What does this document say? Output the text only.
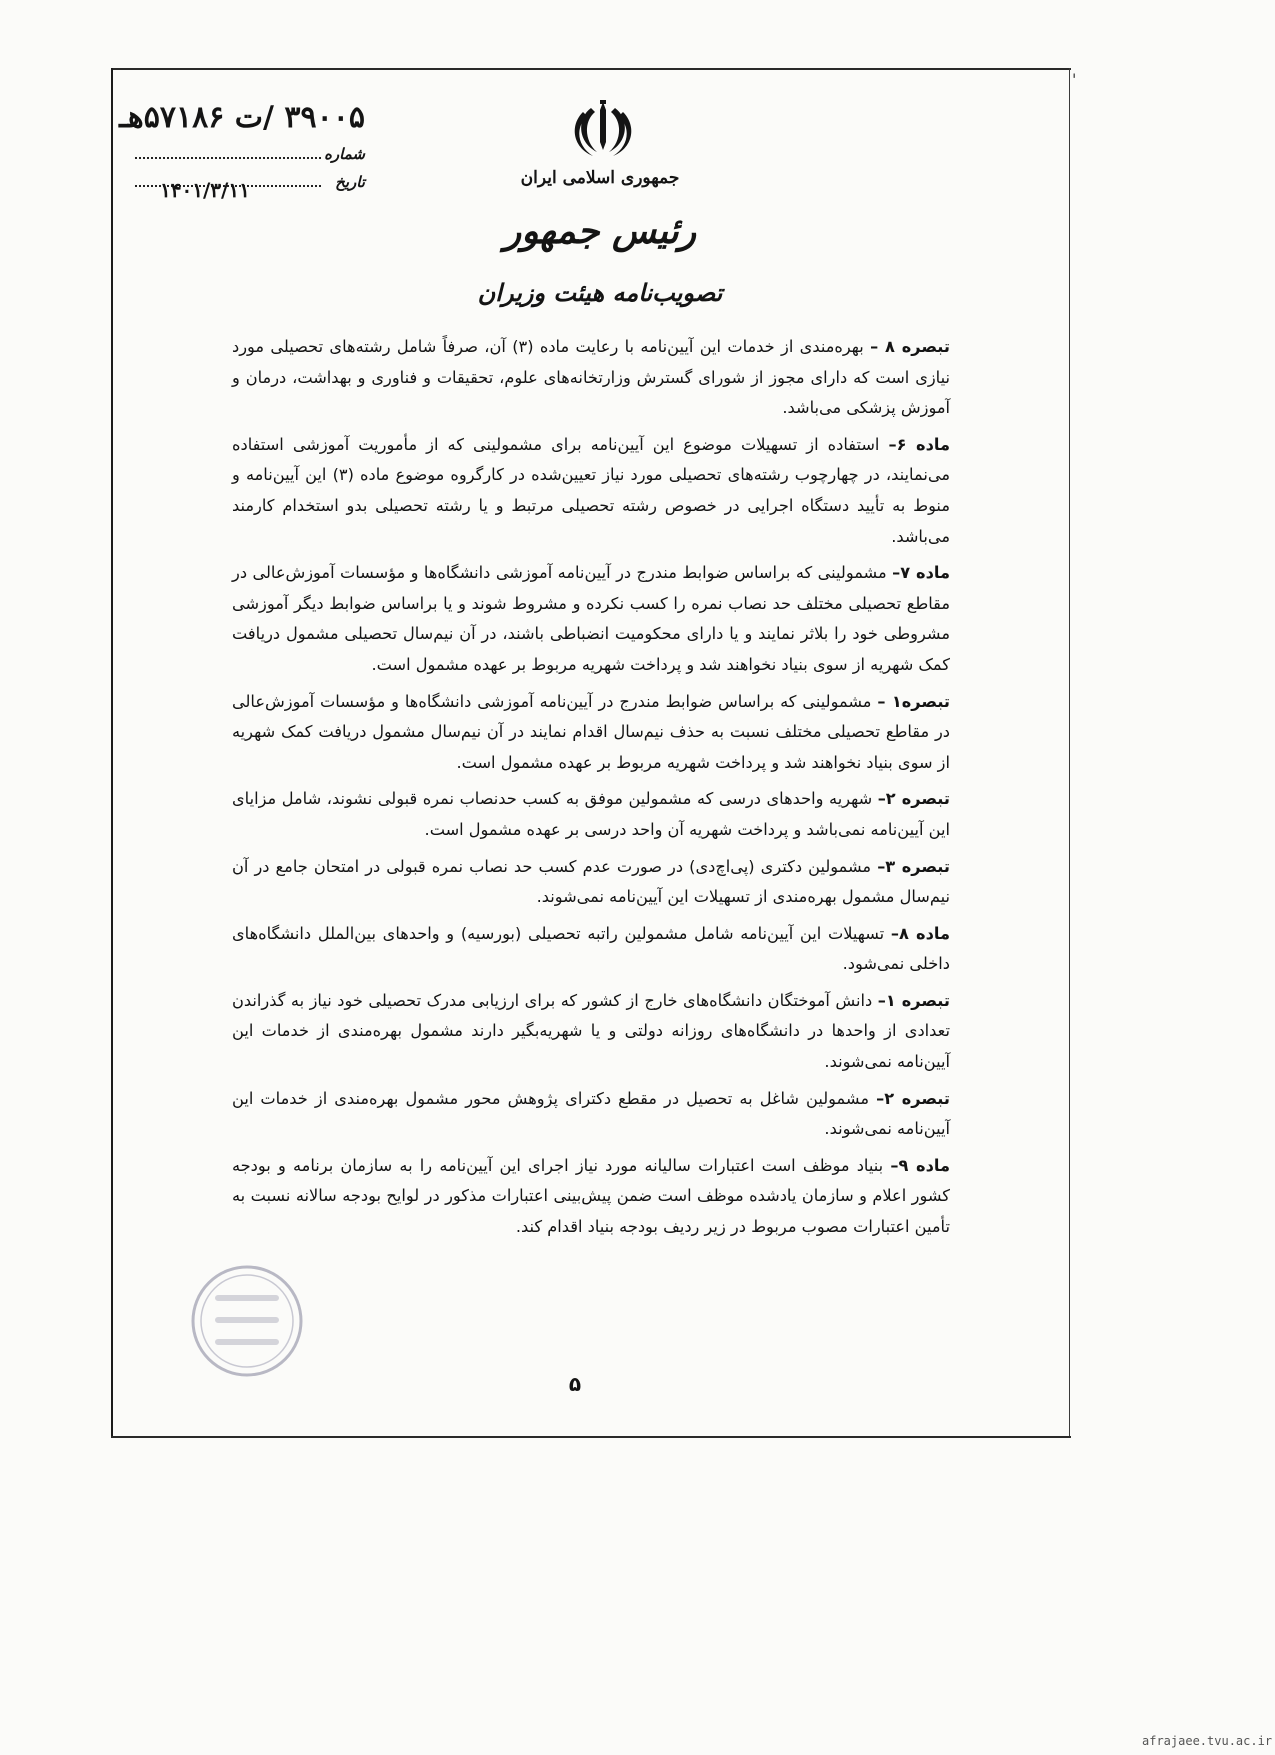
'
۳۹۰۰۵ /ت ۵۷۱۸۶هـ
شماره
تاریخ
۱۴۰۱/۳/۱۱	جمهوری اسلامی ایران
رئیس جمهور
تصویب‌نامه هیئت وزیران

تبصره ۸ – بهره‌مندی از خدمات این آیین‌نامه با رعایت ماده (۳) آن، صرفاً شامل رشته‌های تحصیلی مورد نیازی است که دارای مجوز از شورای گسترش وزارتخانه‌های علوم، تحقیقات و فناوری و بهداشت، درمان و آموزش پزشکی می‌باشد.

ماده ۶– استفاده از تسهیلات موضوع این آیین‌نامه برای مشمولینی که از مأموریت آموزشی استفاده می‌نمایند، در چهارچوب رشته‌های تحصیلی مورد نیاز تعیین‌شده در کارگروه موضوع ماده (۳) این آیین‌نامه و منوط به تأیید دستگاه اجرایی در خصوص رشته تحصیلی مرتبط و یا رشته تحصیلی بدو استخدام کارمند می‌باشد.

ماده ۷– مشمولینی که براساس ضوابط مندرج در آیین‌نامه آموزشی دانشگاه‌ها و مؤسسات آموزش‌عالی در مقاطع تحصیلی مختلف حد نصاب نمره را کسب نکرده و مشروط شوند و یا براساس ضوابط دیگر آموزشی مشروطی خود را بلاثر نمایند و یا دارای محکومیت انضباطی باشند، در آن نیم‌سال تحصیلی مشمول دریافت کمک شهریه از سوی بنیاد نخواهند شد و پرداخت شهریه مربوط بر عهده مشمول است.

تبصره۱ – مشمولینی که براساس ضوابط مندرج در آیین‌نامه آموزشی دانشگاه‌ها و مؤسسات آموزش‌عالی در مقاطع تحصیلی مختلف نسبت به حذف نیم‌سال اقدام نمایند در آن نیم‌سال مشمول دریافت کمک شهریه از سوی بنیاد نخواهند شد و پرداخت شهریه مربوط بر عهده مشمول است.

تبصره ۲– شهریه واحدهای درسی که مشمولین موفق به کسب حدنصاب نمره قبولی نشوند، شامل مزایای این آیین‌نامه نمی‌باشد و پرداخت شهریه آن واحد درسی بر عهده مشمول است.

تبصره ۳– مشمولین دکتری (پی‌اچ‌دی) در صورت عدم کسب حد نصاب نمره قبولی در امتحان جامع در آن نیم‌سال مشمول بهره‌مندی از تسهیلات این آیین‌نامه نمی‌شوند.

ماده ۸– تسهیلات این آیین‌نامه شامل مشمولین راتبه تحصیلی (بورسیه) و واحدهای بین‌الملل دانشگاه‌های داخلی نمی‌شود.

تبصره ۱– دانش آموختگان دانشگاه‌های خارج از کشور که برای ارزیابی مدرک تحصیلی خود نیاز به گذراندن تعدادی از واحدها در دانشگاه‌های روزانه دولتی و یا شهریه‌بگیر دارند مشمول بهره‌مندی از خدمات این آیین‌نامه نمی‌شوند.

تبصره ۲– مشمولین شاغل به تحصیل در مقطع دکترای پژوهش محور مشمول بهره‌مندی از خدمات این آیین‌نامه نمی‌شوند.

ماده ۹– بنیاد موظف است اعتبارات سالیانه مورد نیاز اجرای این آیین‌نامه را به سازمان برنامه و بودجه کشور اعلام و سازمان یادشده موظف است ضمن پیش‌بینی اعتبارات مذکور در لوایح بودجه سالانه نسبت به تأمین اعتبارات مصوب مربوط در زیر ردیف بودجه بنیاد اقدام کند.

۵
afrajaee.tvu.ac.ir
